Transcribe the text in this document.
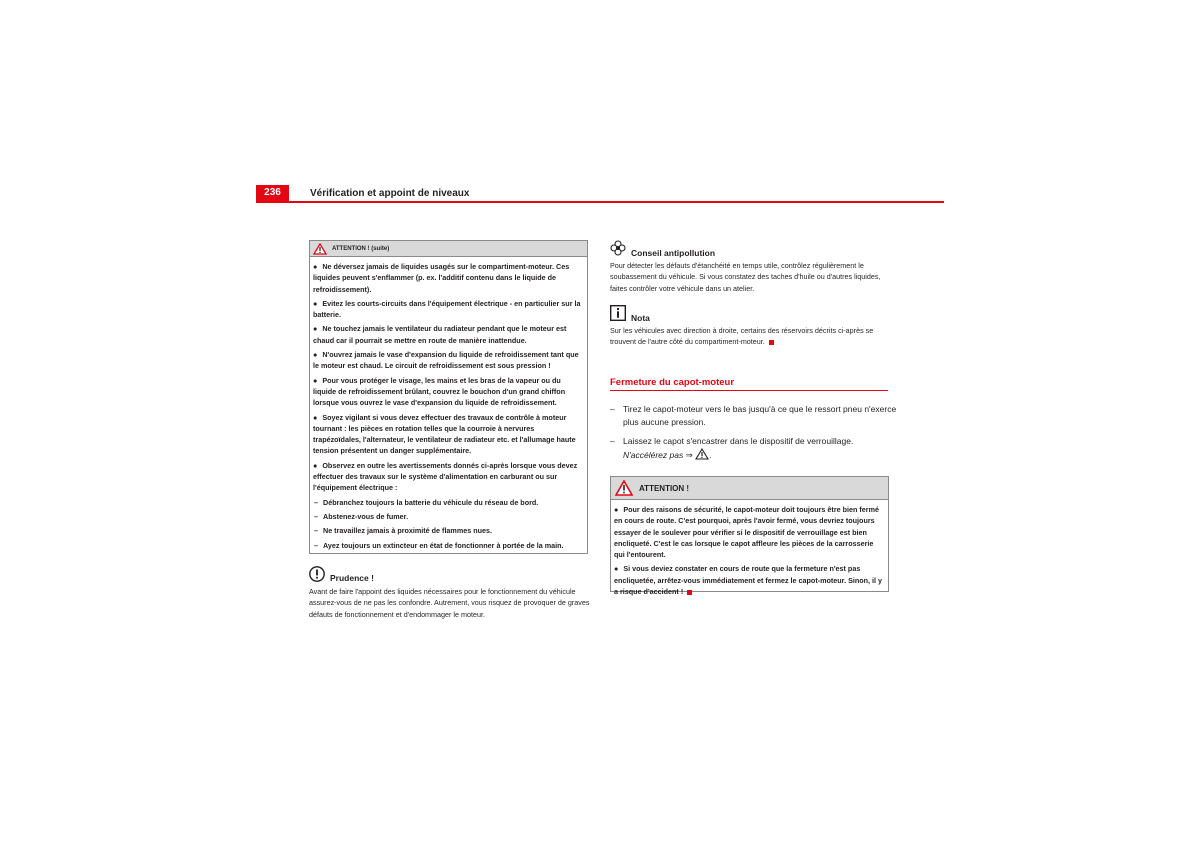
236	Vérification et appoint de niveaux
ATTENTION ! (suite)

● Ne déversez jamais de liquides usagés sur le compartiment-moteur. Ces liquides peuvent s'enflammer (p. ex. l'additif contenu dans le liquide de refroidissement).

● Evitez les courts-circuits dans l'équipement électrique - en particulier sur la batterie.

● Ne touchez jamais le ventilateur du radiateur pendant que le moteur est chaud car il pourrait se mettre en route de manière inattendue.

● N'ouvrez jamais le vase d'expansion du liquide de refroidissement tant que le moteur est chaud. Le circuit de refroidissement est sous pression !

● Pour vous protéger le visage, les mains et les bras de la vapeur ou du liquide de refroidissement brûlant, couvrez le bouchon d'un grand chiffon lorsque vous ouvrez le vase d'expansion du liquide de refroidissement.

● Soyez vigilant si vous devez effectuer des travaux de contrôle à moteur tournant : les pièces en rotation telles que la courroie à nervures trapézoïdales, l'alternateur, le ventilateur de radiateur etc. et l'allumage haute tension présentent un danger supplémentaire.

● Observez en outre les avertissements donnés ci-après lorsque vous devez effectuer des travaux sur le système d'alimentation en carburant ou sur l'équipement électrique :

– Débranchez toujours la batterie du véhicule du réseau de bord.

– Abstenez-vous de fumer.

– Ne travaillez jamais à proximité de flammes nues.

– Ayez toujours un extincteur en état de fonctionner à portée de la main.

Prudence !
Avant de faire l'appoint des liquides nécessaires pour le fonctionnement du véhicule assurez-vous de ne pas les confondre. Autrement, vous risquez de provoquer de graves défauts de fonctionnement et d'endommager le moteur.
Conseil antipollution
Pour détecter les défauts d'étanchéité en temps utile, contrôlez régulièrement le soubassement du véhicule. Si vous constatez des taches d'huile ou d'autres liquides, faites contrôler votre véhicule dans un atelier.
Nota
Sur les véhicules avec direction à droite, certains des réservoirs décrits ci-après se trouvent de l'autre côté du compartiment-moteur.
Fermeture du capot-moteur
– Tirez le capot-moteur vers le bas jusqu'à ce que le ressort pneu n'exerce plus aucune pression.
– Laissez le capot s'encastrer dans le dispositif de verrouillage.
N'accélérez pas ⇒ .
ATTENTION !

● Pour des raisons de sécurité, le capot-moteur doit toujours être bien fermé en cours de route. C'est pourquoi, après l'avoir fermé, vous devriez toujours essayer de le soulever pour vérifier si le dispositif de verrouillage est bien encliqueté. C'est le cas lorsque le capot affleure les pièces de la carrosserie qui l'entourent.

● Si vous deviez constater en cours de route que la fermeture n'est pas encliquetée, arrêtez-vous immédiatement et fermez le capot-moteur. Sinon, il y a risque d'accident !
